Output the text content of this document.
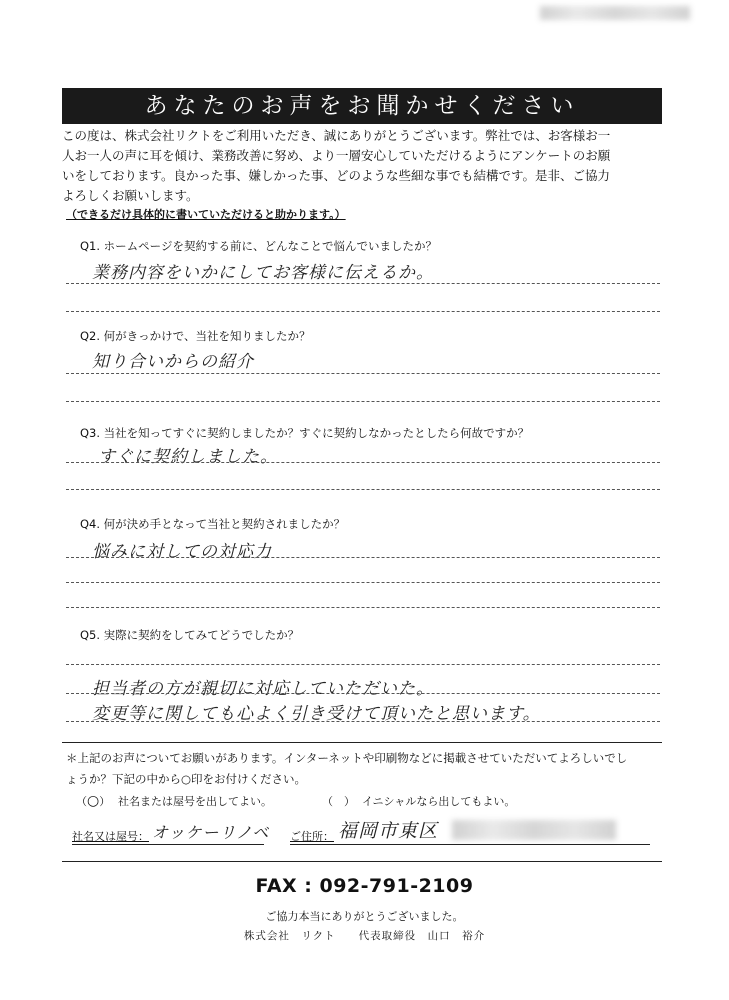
あなたのお声をお聞かせください
この度は、株式会社リクトをご利用いただき、誠にありがとうございます。弊社では、お客様お一
人お一人の声に耳を傾け、業務改善に努め、より一層安心していただけるようにアンケートのお願
いをしております。良かった事、嫌しかった事、どのような些細な事でも結構です。是非、ご協力
よろしくお願いします。
（できるだけ具体的に書いていただけると助かります。）
Q1. ホームページを契約する前に、どんなことで悩んでいましたか？
業務内容をいかにしてお客様に伝えるか。
Q2. 何がきっかけで、当社を知りましたか？
知り合いからの紹介
Q3. 当社を知ってすぐに契約しましたか？すぐに契約しなかったとしたら何故ですか？
すぐに契約しました。
Q4. 何が決め手となって当社と契約されましたか？
悩みに対しての対応力
Q5. 実際に契約をしてみてどうでしたか？
担当者の方が親切に対応していただいた。
変更等に関しても心よく引き受けて頂いたと思います。
＊上記のお声についてお願いがあります。インターネットや印刷物などに掲載させていただいてよろしいでし
ょうか？下記の中から○印をお付けください。
（○） 社名または屋号を出してよい。	（　） イニシャルなら出してもよい。
社名又は屋号： オッケーリノベ ご住所： 福岡市東区
FAX : 092-791-2109
ご協力本当にありがとうございました。
株式会社　リクト　　代表取締役　山口　裕介
